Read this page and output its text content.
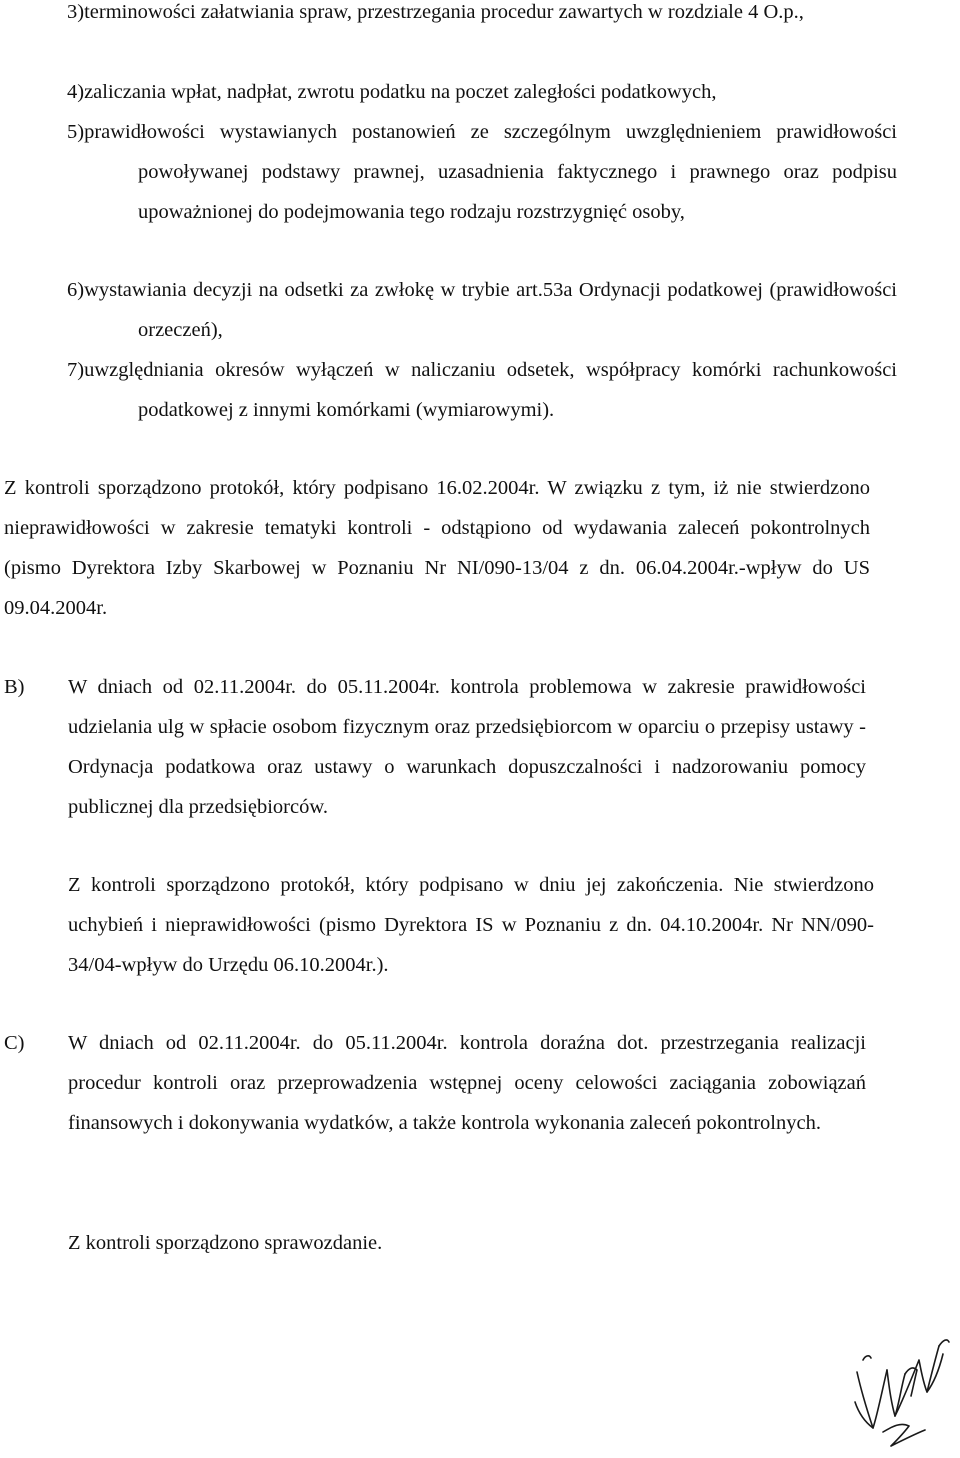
3)terminowości załatwiania spraw, przestrzegania procedur zawartych w rozdziale 4 O.p.,
4)zaliczania wpłat, nadpłat, zwrotu podatku na poczet zaległości podatkowych,
5)prawidłowości wystawianych postanowień ze szczególnym uwzględnieniem prawidłowości powoływanej podstawy prawnej, uzasadnienia faktycznego i prawnego oraz podpisu upoważnionej do podejmowania tego rodzaju rozstrzygnięć osoby,
6)wystawiania decyzji na odsetki za zwłokę w trybie art.53a Ordynacji podatkowej (prawidłowości orzeczeń),
7)uwzględniania okresów wyłączeń w naliczaniu odsetek, współpracy komórki rachunkowości podatkowej z innymi komórkami (wymiarowymi).
Z kontroli sporządzono protokół, który podpisano 16.02.2004r. W związku z tym, iż nie stwierdzono nieprawidłowości w zakresie tematyki kontroli - odstąpiono od wydawania zaleceń pokontrolnych (pismo Dyrektora Izby Skarbowej w Poznaniu Nr NI/090-13/04 z dn. 06.04.2004r.-wpływ do US 09.04.2004r.
B) W dniach od 02.11.2004r. do 05.11.2004r. kontrola problemowa w zakresie prawidłowości udzielania ulg w spłacie osobom fizycznym oraz przedsiębiorcom w oparciu o przepisy ustawy - Ordynacja podatkowa oraz ustawy o warunkach dopuszczalności i nadzorowaniu pomocy publicznej dla przedsiębiorców.
Z kontroli sporządzono protokół, który podpisano w dniu jej zakończenia. Nie stwierdzono uchybień i nieprawidłowości (pismo Dyrektora IS w Poznaniu z dn. 04.10.2004r. Nr NN/090-34/04-wpływ do Urzędu 06.10.2004r.).
C) W dniach od 02.11.2004r. do 05.11.2004r. kontrola doraźna dot. przestrzegania realizacji procedur kontroli oraz przeprowadzenia wstępnej oceny celowości zaciągania zobowiązań finansowych i dokonywania wydatków, a także kontrola wykonania zaleceń pokontrolnych.
Z kontroli sporządzono sprawozdanie.
